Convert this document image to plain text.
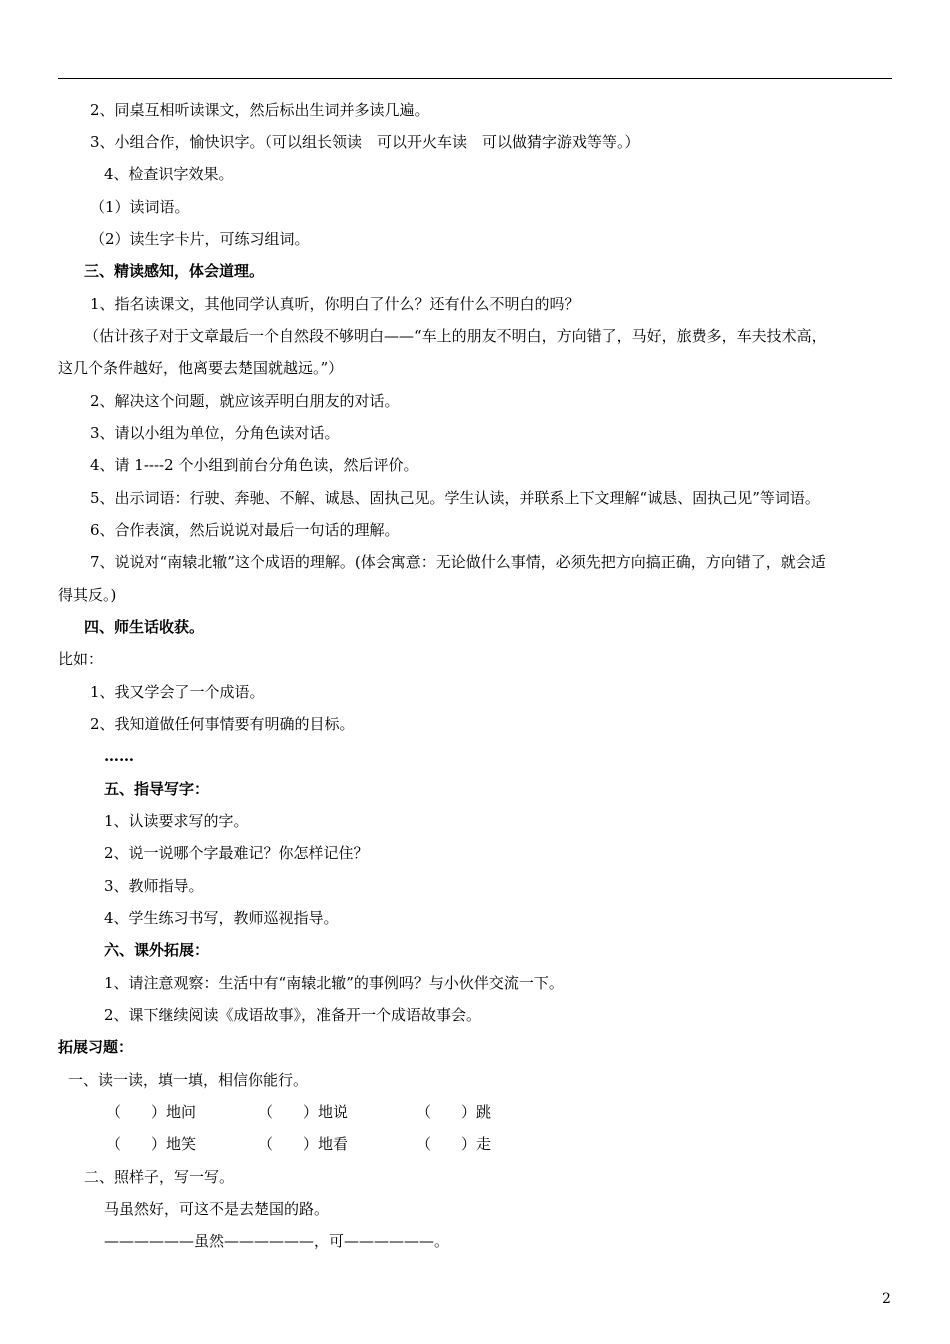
2、同桌互相听读课文，然后标出生词并多读几遍。
3、小组合作，愉快识字。（可以组长领读　可以开火车读　可以做猜字游戏等等。）
4、检查识字效果。
（1）读词语。
（2）读生字卡片，可练习组词。
三、精读感知，体会道理。
1、指名读课文，其他同学认真听，你明白了什么？还有什么不明白的吗？
（估计孩子对于文章最后一个自然段不够明白——“车上的朋友不明白，方向错了，马好，旅费多，车夫技术高，
这几个条件越好，他离要去楚国就越远。”）
2、解决这个问题，就应该弄明白朋友的对话。
3、请以小组为单位，分角色读对话。
4、请 1----2 个小组到前台分角色读，然后评价。
5、出示词语：行驶、奔驰、不解、诚恳、固执己见。学生认读，并联系上下文理解“诚恳、固执己见”等词语。
6、合作表演，然后说说对最后一句话的理解。
7、说说对“南辕北辙”这个成语的理解。(体会寓意：无论做什么事情，必须先把方向搞正确，方向错了，就会适
得其反。)
四、师生话收获。
比如：
1、我又学会了一个成语。
2、我知道做任何事情要有明确的目标。
……
五、指导写字：
1、认读要求写的字。
2、说一说哪个字最难记？你怎样记住？
3、教师指导。
4、学生练习书写，教师巡视指导。
六、课外拓展：
1、请注意观察：生活中有“南辕北辙”的事例吗？与小伙伴交流一下。
2、课下继续阅读《成语故事》，准备开一个成语故事会。
拓展习题：
一、读一读，填一填，相信你能行。
（　　）地问	（　　）地说	（　　）跳
（　　）地笑	（　　）地看	（　　）走
二、照样子，写一写。
马虽然好，可这不是去楚国的路。
——————虽然——————，可——————。
2
